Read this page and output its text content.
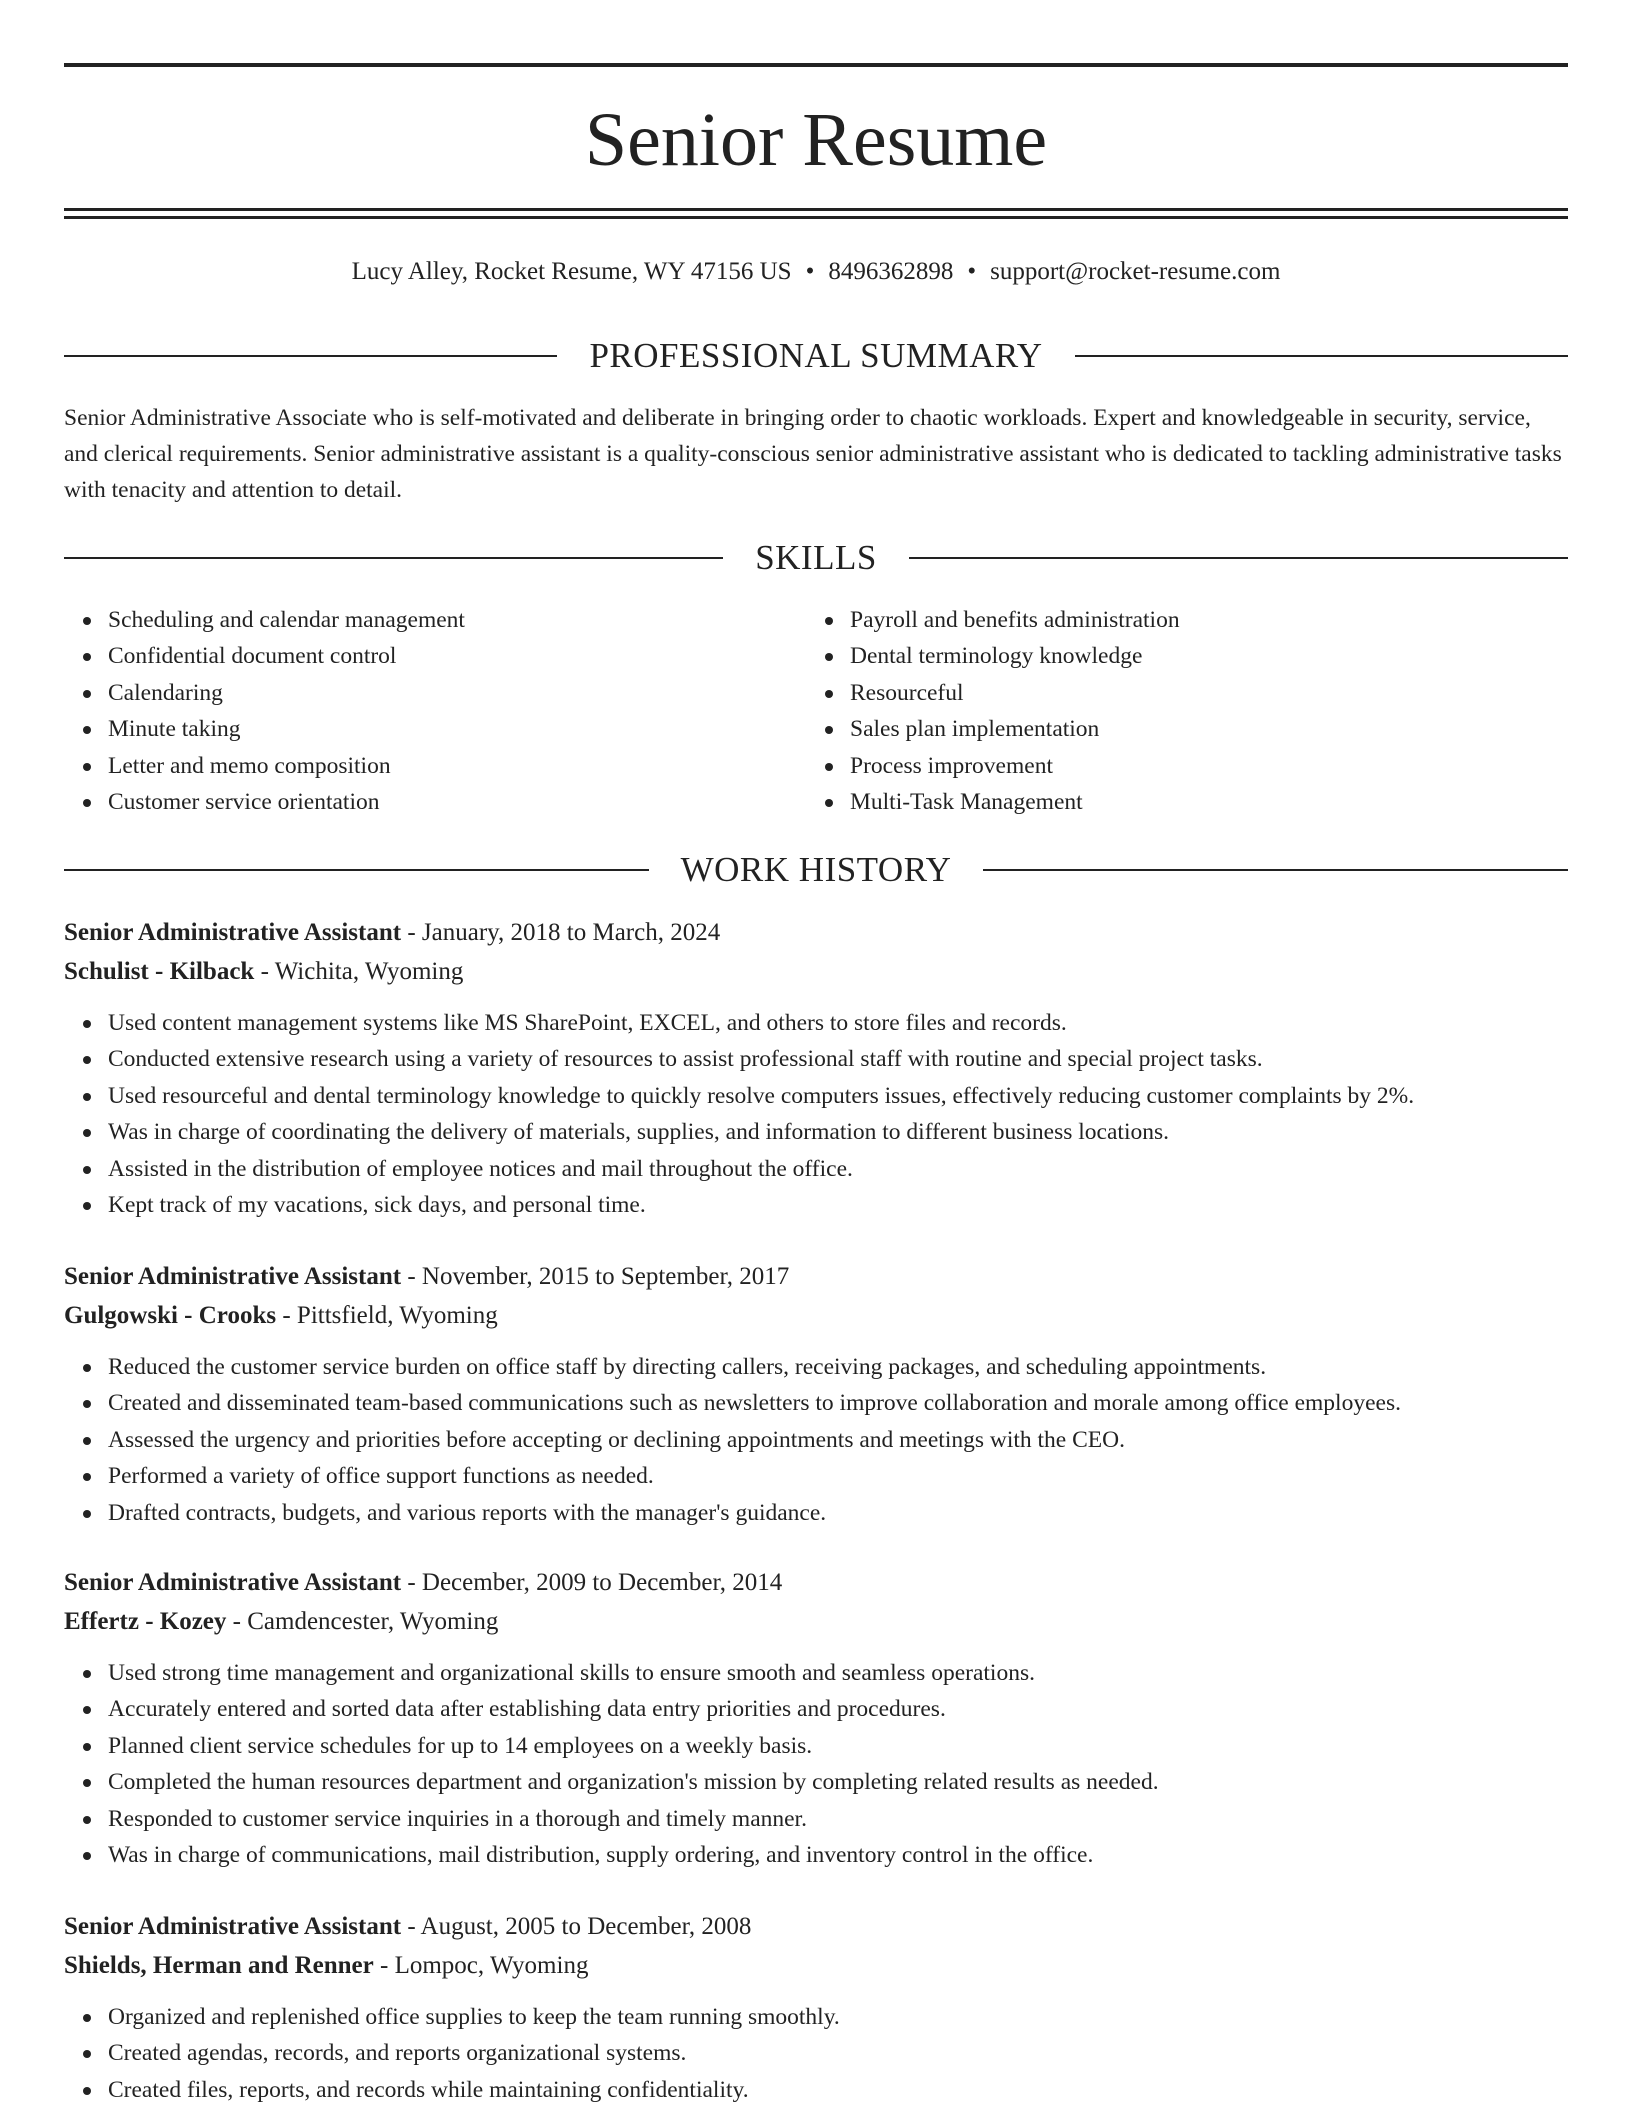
Senior Resume
Lucy Alley, Rocket Resume, WY 47156 US • 8496362898 • support@rocket-resume.com
PROFESSIONAL SUMMARY
Senior Administrative Associate who is self-motivated and deliberate in bringing order to chaotic workloads. Expert and knowledgeable in security, service, and clerical requirements. Senior administrative assistant is a quality-conscious senior administrative assistant who is dedicated to tackling administrative tasks with tenacity and attention to detail.
SKILLS
Scheduling and calendar management
Confidential document control
Calendaring
Minute taking
Letter and memo composition
Customer service orientation
Payroll and benefits administration
Dental terminology knowledge
Resourceful
Sales plan implementation
Process improvement
Multi-Task Management
WORK HISTORY
Senior Administrative Assistant - January, 2018 to March, 2024
Schulist - Kilback - Wichita, Wyoming
Used content management systems like MS SharePoint, EXCEL, and others to store files and records.
Conducted extensive research using a variety of resources to assist professional staff with routine and special project tasks.
Used resourceful and dental terminology knowledge to quickly resolve computers issues, effectively reducing customer complaints by 2%.
Was in charge of coordinating the delivery of materials, supplies, and information to different business locations.
Assisted in the distribution of employee notices and mail throughout the office.
Kept track of my vacations, sick days, and personal time.
Senior Administrative Assistant - November, 2015 to September, 2017
Gulgowski - Crooks - Pittsfield, Wyoming
Reduced the customer service burden on office staff by directing callers, receiving packages, and scheduling appointments.
Created and disseminated team-based communications such as newsletters to improve collaboration and morale among office employees.
Assessed the urgency and priorities before accepting or declining appointments and meetings with the CEO.
Performed a variety of office support functions as needed.
Drafted contracts, budgets, and various reports with the manager's guidance.
Senior Administrative Assistant - December, 2009 to December, 2014
Effertz - Kozey - Camdencester, Wyoming
Used strong time management and organizational skills to ensure smooth and seamless operations.
Accurately entered and sorted data after establishing data entry priorities and procedures.
Planned client service schedules for up to 14 employees on a weekly basis.
Completed the human resources department and organization's mission by completing related results as needed.
Responded to customer service inquiries in a thorough and timely manner.
Was in charge of communications, mail distribution, supply ordering, and inventory control in the office.
Senior Administrative Assistant - August, 2005 to December, 2008
Shields, Herman and Renner - Lompoc, Wyoming
Organized and replenished office supplies to keep the team running smoothly.
Created agendas, records, and reports organizational systems.
Created files, reports, and records while maintaining confidentiality.
